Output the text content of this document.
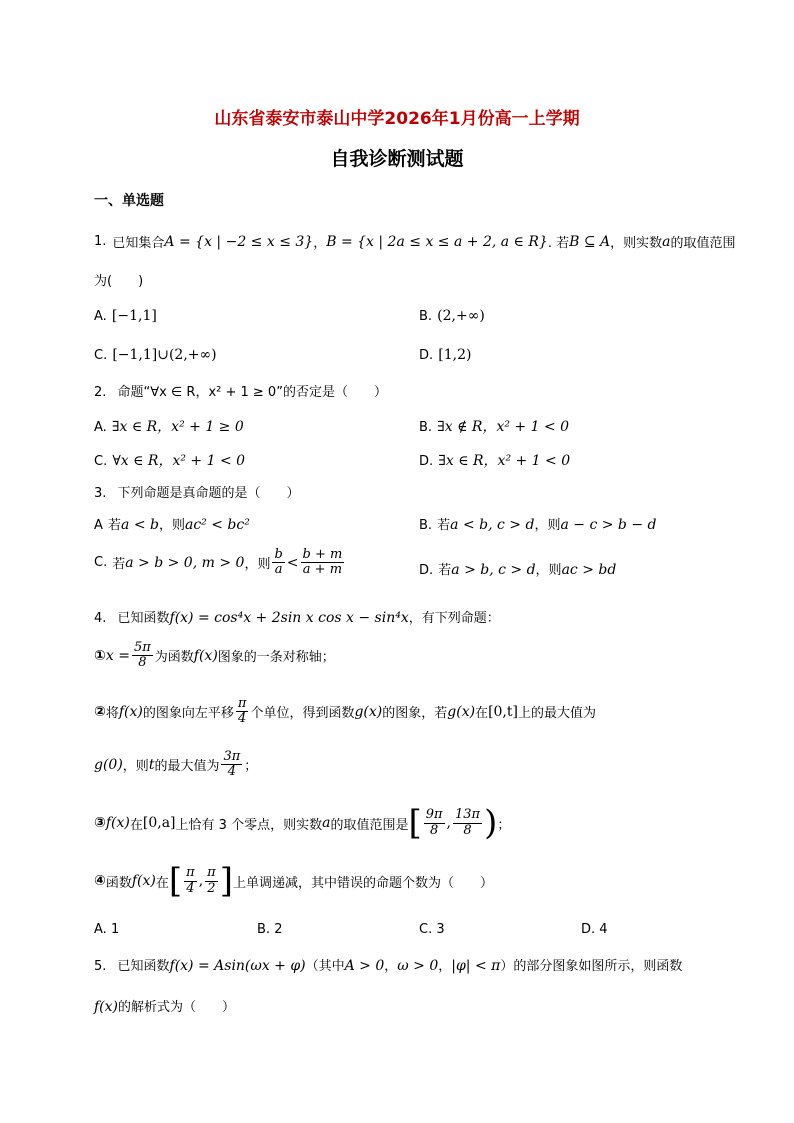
山东省泰安市泰山中学2026年1月份高一上学期
自我诊断测试题
一、单选题
1. 已知集合 A = {x | −2 ≤ x ≤ 3} ， B = {x | 2a ≤ x ≤ a + 2, a ∈ R} . 若 B ⊆ A ，则实数 a 的取值范围
为(　　)
A. [−1,1]	B. (2,+∞)
C. [−1,1]∪(2,+∞)	D. [1,2)
2. 命题“∀x ∈ R，x² + 1 ≥ 0”的否定是（　　）
A. ∃x ∈ R，x² + 1 ≥ 0	B. ∃x ∉ R，x² + 1 < 0
C. ∀x ∈ R，x² + 1 < 0	D. ∃x ∈ R，x² + 1 < 0
3. 下列命题是真命题的是（　　）
A 若a < b，则ac² < bc²	B. 若a < b, c > d，则a − c > b − d
C. 若 a > b > 0, m > 0 ，则 $\frac{b}{a} < \frac{b + m}{a + m}$	D. 若a > b, c > d，则ac > bd
4. 已知函数f(x) = cos⁴x + 2sin x cos x − sin⁴x，有下列命题：
① $x = \frac{5\pi}{8}$ 为函数 f(x) 图象的一条对称轴；
② 将 f(x) 的图象向左平移 $\frac{\pi}{4}$ 个单位，得到函数 g(x) 的图象，若 g(x) 在 [0,t] 上的最大值为
g(0) ，则 t 的最大值为 $\frac{3\pi}{4}$ ；
③ f(x) 在 [0,a] 上恰有 3 个零点，则实数 a 的取值范围是 [ $\frac{9\pi}{8}$ , $\frac{13\pi}{8}$ ) ；
④ 函数 f(x) 在 [ $\frac{\pi}{4}$ , $\frac{\pi}{2}$ ] 上单调递减，其中错误的命题个数为（　　）
A. 1	B. 2	C. 3	D. 4
5. 已知函数f(x) = Asin(ωx + φ)（其中A > 0，ω > 0，|φ| < π）的部分图象如图所示，则函数
f(x)的解析式为（　　）
